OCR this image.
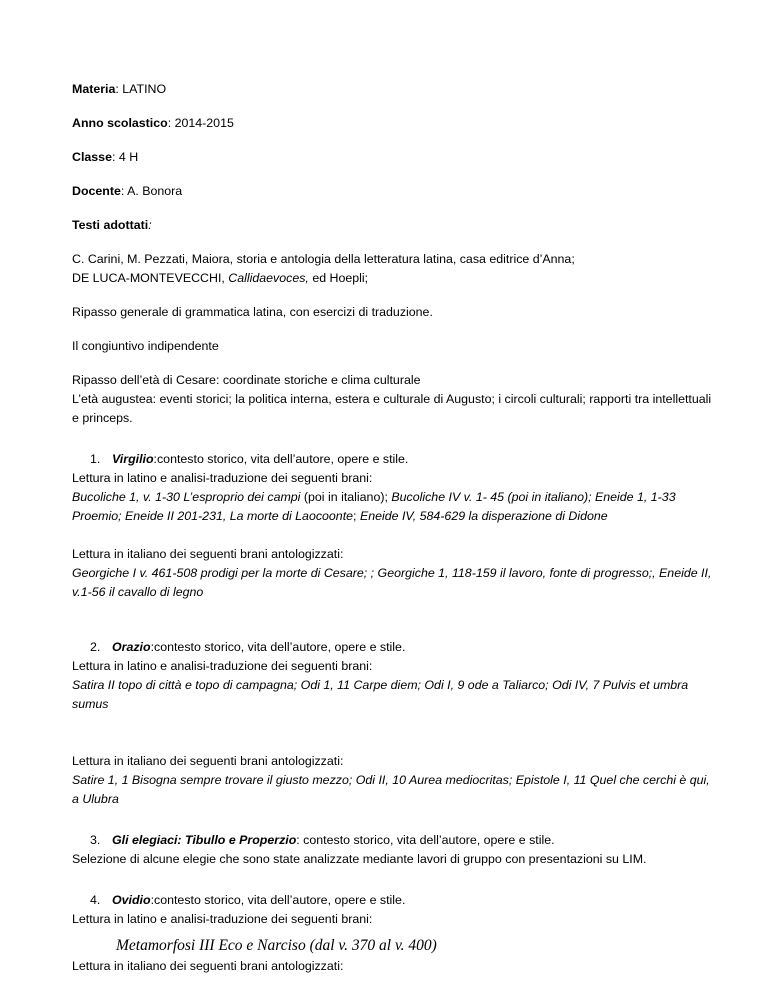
Materia: LATINO

Anno scolastico: 2014-2015

Classe: 4 H

Docente: A. Bonora

Testi adottati:

C. Carini, M. Pezzati, Maiora, storia e antologia della letteratura latina, casa editrice d’Anna;

DE LUCA-MONTEVECCHI, Callidaevoces, ed Hoepli;

Ripasso generale di grammatica latina, con esercizi di traduzione.

Il congiuntivo indipendente

Ripasso dell’età di Cesare: coordinate storiche e clima culturale

L’età augustea: eventi storici; la politica interna, estera e culturale di Augusto; i circoli culturali; rapporti tra intellettuali e princeps.

1. Virgilio:contesto storico, vita dell’autore, opere e stile.

Lettura in latino e analisi-traduzione dei seguenti brani:

Bucoliche 1, v. 1-30 L’esproprio dei campi (poi in italiano); Bucoliche IV v. 1- 45 (poi in italiano); Eneide 1, 1-33 Proemio; Eneide II 201-231, La morte di Laocoonte; Eneide IV, 584-629 la disperazione di Didone

Lettura in italiano dei seguenti brani antologizzati:

Georgiche I v. 461-508 prodigi per la morte di Cesare; ; Georgiche 1, 118-159 il lavoro, fonte di progresso;, Eneide II, v.1-56 il cavallo di legno

2. Orazio:contesto storico, vita dell’autore, opere e stile.

Lettura in latino e analisi-traduzione dei seguenti brani:

Satira II topo di città e topo di campagna; Odi 1, 11 Carpe diem; Odi I, 9 ode a Taliarco; Odi IV, 7 Pulvis et umbra sumus

Lettura in italiano dei seguenti brani antologizzati:

Satire 1, 1 Bisogna sempre trovare il giusto mezzo; Odi II, 10 Aurea mediocritas; Epistole I, 11 Quel che cerchi è qui, a Ulubra

3. Gli elegiaci: Tibullo e Properzio: contesto storico, vita dell’autore, opere e stile.

Selezione di alcune elegie che sono state analizzate mediante lavori di gruppo con presentazioni su LIM.

4. Ovidio:contesto storico, vita dell’autore, opere e stile.

Lettura in latino e analisi-traduzione dei seguenti brani:

Metamorfosi III Eco e Narciso (dal v. 370 al v. 400)

Lettura in italiano dei seguenti brani antologizzati:
